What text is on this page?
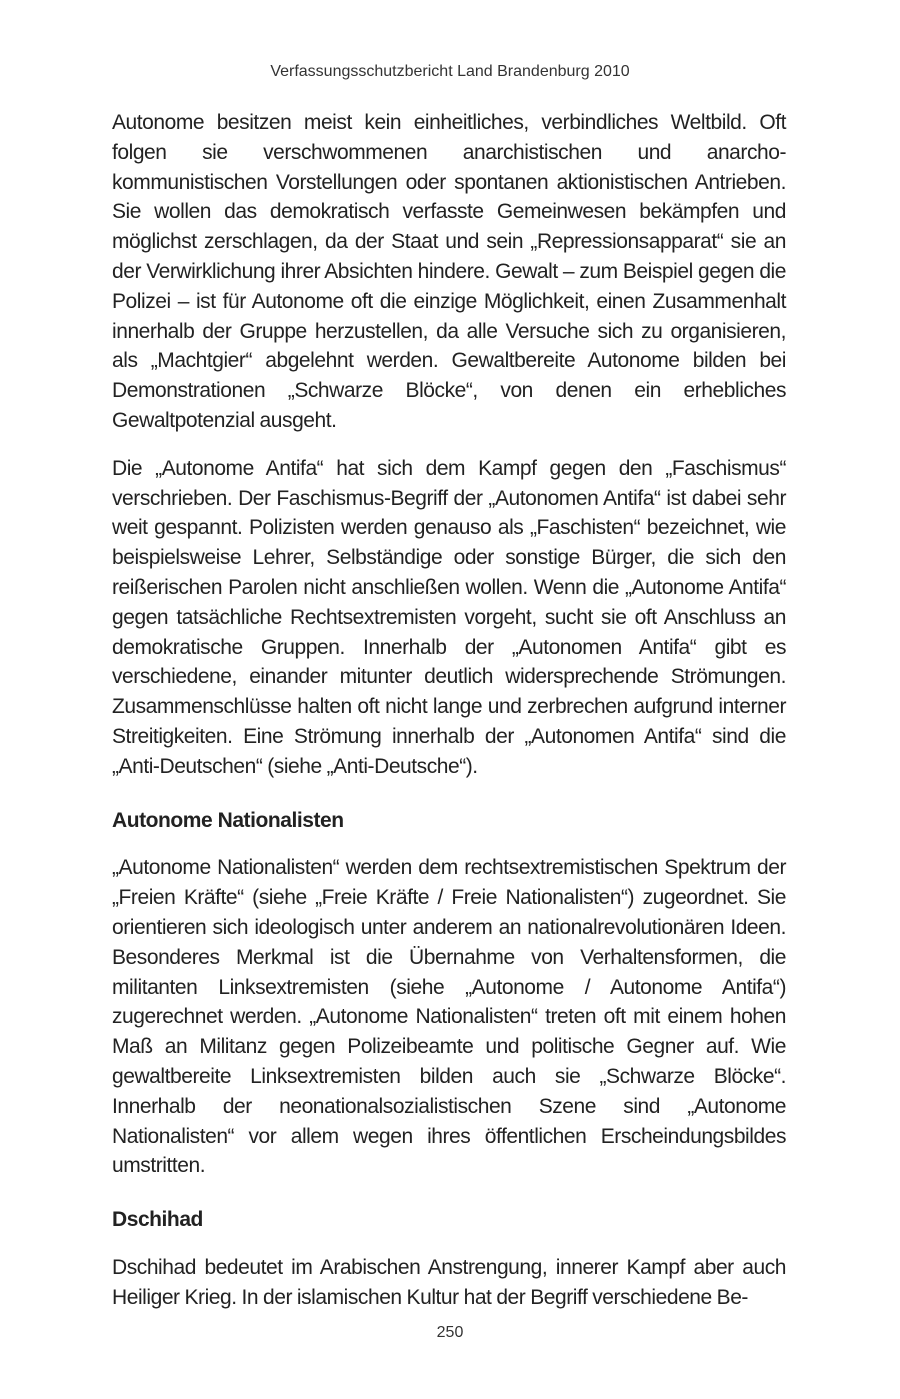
Verfassungsschutzbericht Land Brandenburg 2010

Autonome besitzen meist kein einheitliches, verbindliches Weltbild. Oft folgen sie verschwommenen anarchistischen und anarcho-kommunistischen Vorstellungen oder spontanen aktionistischen Antrieben. Sie wollen das demokratisch verfasste Gemeinwesen bekämpfen und möglichst zerschlagen, da der Staat und sein „Repressionsapparat“ sie an der Verwirklichung ihrer Absichten hindere. Gewalt – zum Beispiel gegen die Polizei – ist für Autonome oft die einzige Möglichkeit, einen Zusammenhalt innerhalb der Gruppe herzustellen, da alle Versuche sich zu organisieren, als „Machtgier“ abgelehnt werden. Gewaltbereite Autonome bilden bei Demonstrationen „Schwarze Blöcke“, von denen ein erhebliches Gewaltpotenzial ausgeht.

Die „Autonome Antifa“ hat sich dem Kampf gegen den „Faschismus“ verschrieben. Der Faschismus-Begriff der „Autonomen Antifa“ ist dabei sehr weit gespannt. Polizisten werden genauso als „Faschisten“ bezeichnet, wie beispielsweise Lehrer, Selbständige oder sonstige Bürger, die sich den reißerischen Parolen nicht anschließen wollen. Wenn die „Autonome Antifa“ gegen tatsächliche Rechtsextremisten vorgeht, sucht sie oft Anschluss an demokratische Gruppen. Innerhalb der „Autonomen Antifa“ gibt es verschiedene, einander mitunter deutlich widersprechende Strömungen. Zusammenschlüsse halten oft nicht lange und zerbrechen aufgrund interner Streitigkeiten. Eine Strömung innerhalb der „Autonomen Antifa“ sind die „Anti-Deutschen“ (siehe „Anti-Deutsche“).

Autonome Nationalisten

„Autonome Nationalisten“ werden dem rechtsextremistischen Spektrum der „Freien Kräfte“ (siehe „Freie Kräfte / Freie Nationalisten“) zugeordnet. Sie orientieren sich ideologisch unter anderem an nationalrevolutionären Ideen. Besonderes Merkmal ist die Übernahme von Verhaltensformen, die militanten Linksextremisten (siehe „Autonome / Autonome Antifa“) zugerechnet werden. „Autonome Nationalisten“ treten oft mit einem hohen Maß an Militanz gegen Polizeibeamte und politische Gegner auf. Wie gewaltbereite Linksextremisten bilden auch sie „Schwarze Blöcke“. Innerhalb der neonationalsozialistischen Szene sind „Autonome Nationalisten“ vor allem wegen ihres öffentlichen Erscheindungsbildes umstritten.

Dschihad

Dschihad bedeutet im Arabischen Anstrengung, innerer Kampf aber auch Heiliger Krieg. In der islamischen Kultur hat der Begriff verschiedene Be-

250
